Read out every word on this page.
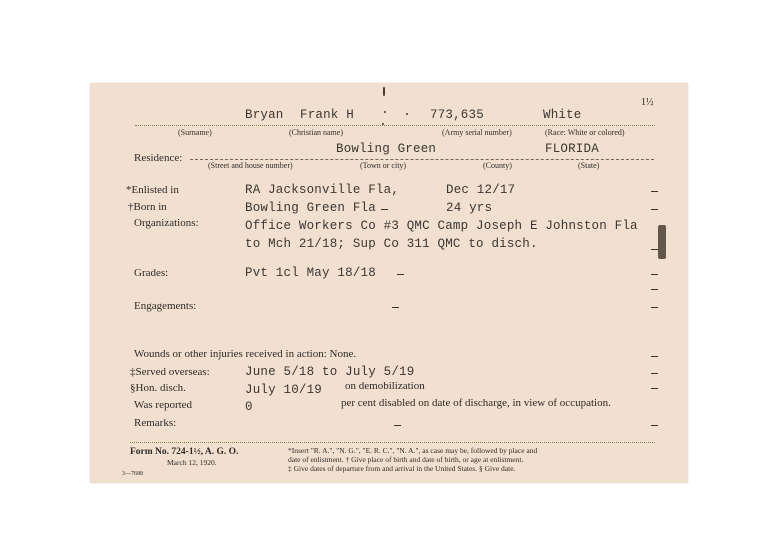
1½
Bryan Frank H	773,635	White
(Surname)	(Christian name)	(Army serial number)	(Race: White or colored)
Residence:
Bowling Green	FLORIDA
(Street and house number)	(Town or city)	(County)	(State)
*Enlisted in	RA Jacksonville Fla,	Dec 12/17
†Born in	Bowling Green Fla	24 yrs
Organizations:	Office Workers Co #3 QMC Camp Joseph E Johnston Fla
to Mch 21/18; Sup Co 311 QMC to disch.
Grades:	Pvt 1cl May 18/18
Engagements:
Wounds or other injuries received in action: None.
‡Served overseas:	June 5/18 to July 5/19
§Hon. disch.	July 10/19 on demobilization
Was reported	0	per cent disabled on date of discharge, in view of occupation.
Remarks:
Form No. 724-1½, A. G. O.
March 12, 1920.
3—7688
*Insert "R. A.", "N. G.", "E. R. C.", "N. A.", as case may be, followed by place and
date of enlistment. † Give place of birth and date of birth, or age at enlistment.
‡ Give dates of departure from and arrival in the United States. § Give date.
